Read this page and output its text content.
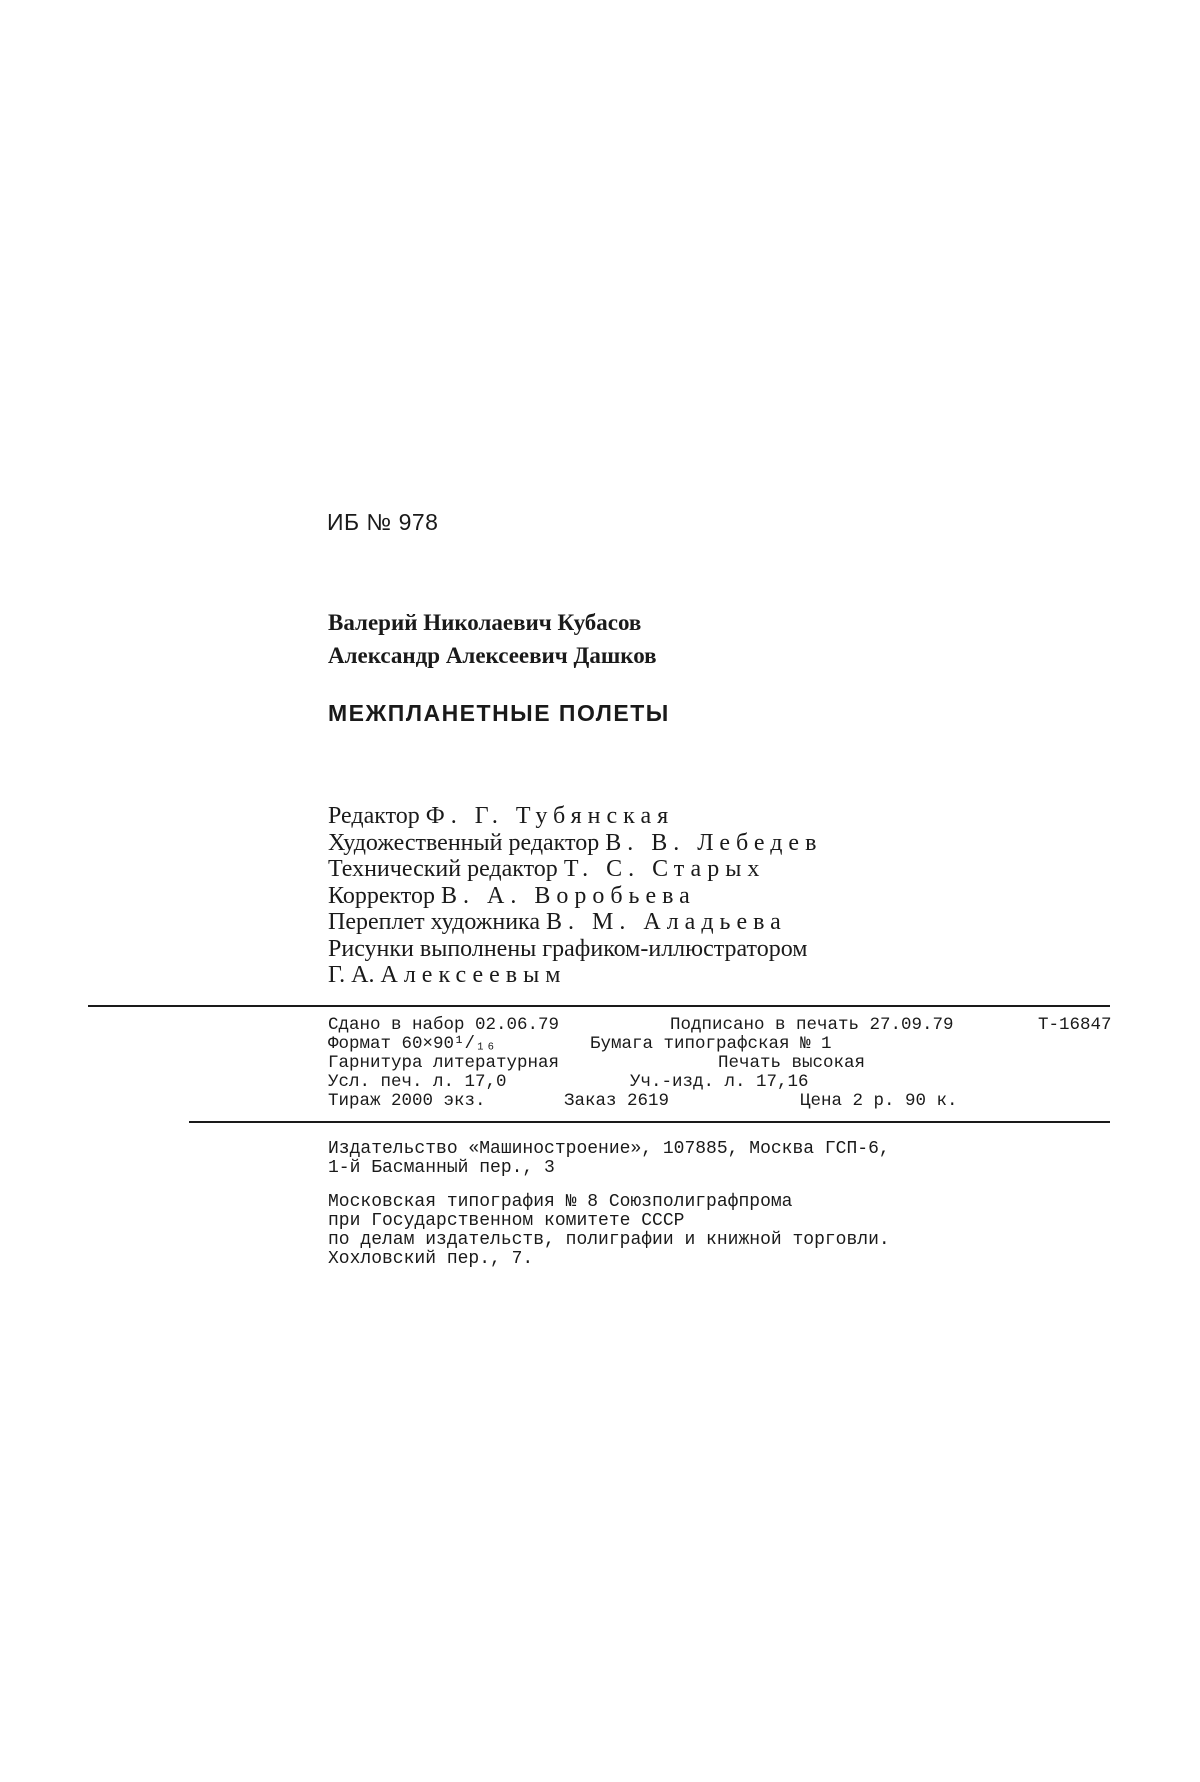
ИБ № 978
Валерий Николаевич Кубасов
Александр Алексеевич Дашков
МЕЖПЛАНЕТНЫЕ ПОЛЕТЫ
Редактор Ф. Г. Тубянская
Художественный редактор В. В. Лебедев
Технический редактор Т. С. Старых
Корректор В. А. Воробьева
Переплет художника В. М. Аладьева
Рисунки выполнены графиком-иллюстратором
Г. А. Алексеевым
Сдано в набор 02.06.79	Подписано в печать 27.09.79	Т-16847
Формат 60×90¹/₁₆	Бумага типографская № 1
Гарнитура литературная	Печать высокая
Усл. печ. л. 17,0	Уч.-изд. л. 17,16
Тираж 2000 экз.	Заказ 2619	Цена 2 р. 90 к.
Издательство «Машиностроение», 107885, Москва ГСП-6,
1-й Басманный пер., 3
Московская типография № 8 Союзполиграфпрома
при Государственном комитете СССР
по делам издательств, полиграфии и книжной торговли.
Хохловский пер., 7.
